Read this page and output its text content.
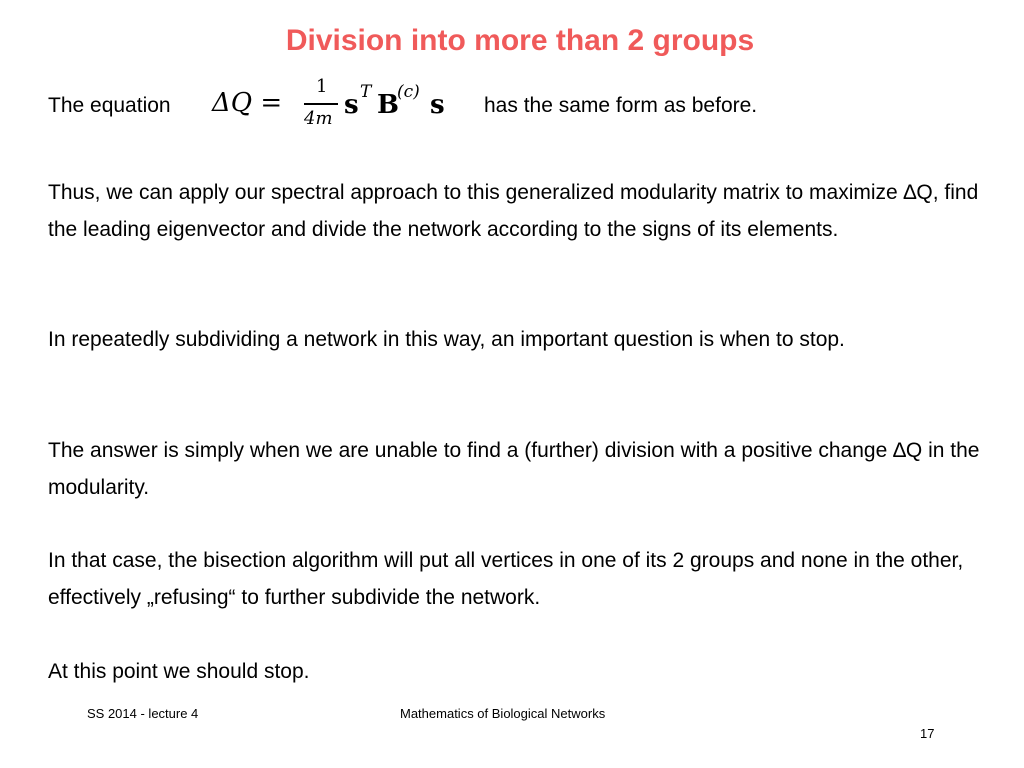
Division into more than 2 groups
The equation ΔQ =
1
4m s T B
(c) s has the same form as before.
Thus, we can apply our spectral approach to this generalized modularity matrix to maximize ∆Q, find the leading eigenvector and divide the network according to the signs of its elements.
In repeatedly subdividing a network in this way, an important question is when to stop.
The answer is simply when we are unable to find a (further) division with a positive change ∆Q in the modularity.
In that case, the bisection algorithm will put all vertices in one of its 2 groups and none in the other, effectively „refusing“ to further subdivide the network.
At this point we should stop.
SS 2014 - lecture 4	Mathematics of Biological Networks
17
